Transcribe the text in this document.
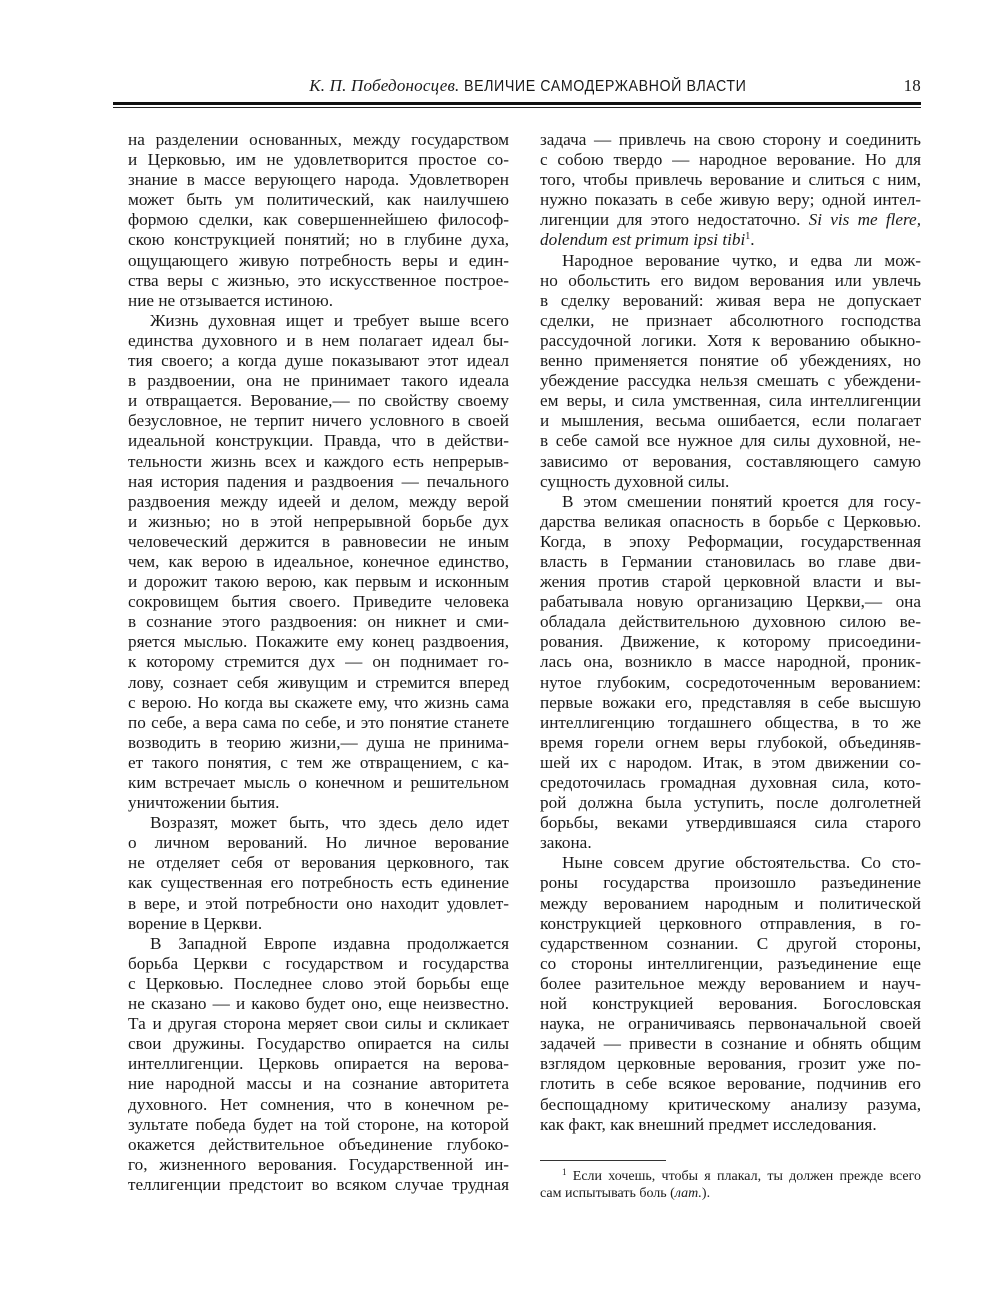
К. П. Победоносцев. ВЕЛИЧИЕ САМОДЕРЖАВНОЙ ВЛАСТИ	18
на разделении основанных, между государством
и Церковью, им не удовлетворится простое со-
знание в массе верующего народа. Удовлетворен
может быть ум политический, как наилучшею
формою сделки, как совершеннейшею философ-
скою конструкцией понятий; но в глубине духа,
ощущающего живую потребность веры и един-
ства веры с жизнью, это искусственное построе-
ние не отзывается истиною.
Жизнь духовная ищет и требует выше всего
единства духовного и в нем полагает идеал бы-
тия своего; а когда душе показывают этот идеал
в раздвоении, она не принимает такого идеала
и отвращается. Верование,— по свойству своему
безусловное, не терпит ничего условного в своей
идеальной конструкции. Правда, что в действи-
тельности жизнь всех и каждого есть непрерыв-
ная история падения и раздвоения — печального
раздвоения между идеей и делом, между верой
и жизнью; но в этой непрерывной борьбе дух
человеческий держится в равновесии не иным
чем, как верою в идеальное, конечное единство,
и дорожит такою верою, как первым и исконным
сокровищем бытия своего. Приведите человека
в сознание этого раздвоения: он никнет и сми-
ряется мыслью. Покажите ему конец раздвоения,
к которому стремится дух — он поднимает го-
лову, сознает себя живущим и стремится вперед
с верою. Но когда вы скажете ему, что жизнь сама
по себе, а вера сама по себе, и это понятие станете
возводить в теорию жизни,— душа не принима-
ет такого понятия, с тем же отвращением, с ка-
ким встречает мысль о конечном и решительном
уничтожении бытия.
Возразят, может быть, что здесь дело идет
о личном верований. Но личное верование
не отделяет себя от верования церковного, так
как существенная его потребность есть единение
в вере, и этой потребности оно находит удовлет-
ворение в Церкви.
В Западной Европе издавна продолжается
борьба Церкви с государством и государства
с Церковью. Последнее слово этой борьбы еще
не сказано — и каково будет оно, еще неизвестно.
Та и другая сторона меряет свои силы и скликает
свои дружины. Государство опирается на силы
интеллигенции. Церковь опирается на верова-
ние народной массы и на сознание авторитета
духовного. Нет сомнения, что в конечном ре-
зультате победа будет на той стороне, на которой
окажется действительное объединение глубоко-
го, жизненного верования. Государственной ин-
теллигенции предстоит во всяком случае трудная
задача — привлечь на свою сторону и соединить
с собою твердо — народное верование. Но для
того, чтобы привлечь верование и слиться с ним,
нужно показать в себе живую веру; одной интел-
лигенции для этого недостаточно. Si vis me flere,
dolendum est primum ipsi tibi$^1$.
Народное верование чутко, и едва ли мож-
но обольстить его видом верования или увлечь
в сделку верований: живая вера не допускает
сделки, не признает абсолютного господства
рассудочной логики. Хотя к верованию обыкно-
венно применяется понятие об убеждениях, но
убеждение рассудка нельзя смешать с убеждени-
ем веры, и сила умственная, сила интеллигенции
и мышления, весьма ошибается, если полагает
в себе самой все нужное для силы духовной, не-
зависимо от верования, составляющего самую
сущность духовной силы.
В этом смешении понятий кроется для госу-
дарства великая опасность в борьбе с Церковью.
Когда, в эпоху Реформации, государственная
власть в Германии становилась во главе дви-
жения против старой церковной власти и вы-
рабатывала новую организацию Церкви,— она
обладала действительною духовною силою ве-
рования. Движение, к которому присоедини-
лась она, возникло в массе народной, проник-
нутое глубоким, сосредоточенным верованием:
первые вожаки его, представляя в себе высшую
интеллигенцию тогдашнего общества, в то же
время горели огнем веры глубокой, объединяв-
шей их с народом. Итак, в этом движении со-
средоточилась громадная духовная сила, кото-
рой должна была уступить, после долголетней
борьбы, веками утвердившаяся сила старого
закона.
Ныне совсем другие обстоятельства. Со сто-
роны государства произошло разъединение
между верованием народным и политической
конструкцией церковного отправления, в го-
сударственном сознании. С другой стороны,
со стороны интеллигенции, разъединение еще
более разительное между верованием и науч-
ной конструкцией верования. Богословская
наука, не ограничиваясь первоначальной своей
задачей — привести в сознание и обнять общим
взглядом церковные верования, грозит уже по-
глотить в себе всякое верование, подчинив его
беспощадному критическому анализу разума,
как факт, как внешний предмет исследования.
$^1$ Если хочешь, чтобы я плакал, ты должен прежде всего
сам испытывать боль (лат.).
